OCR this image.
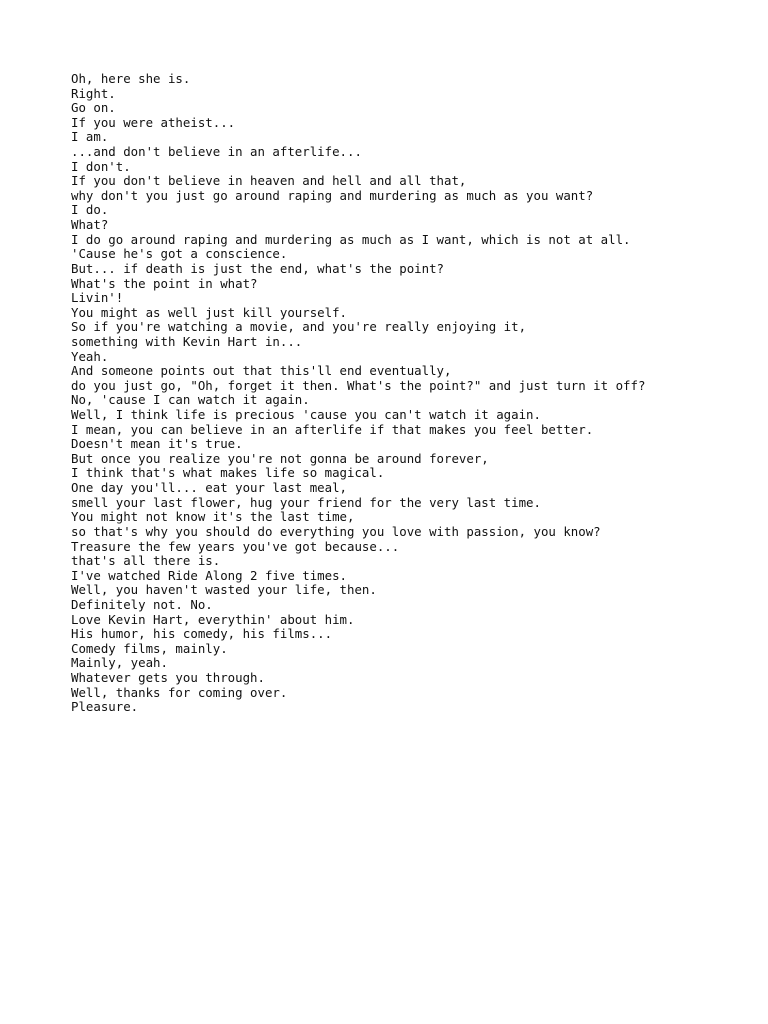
Oh, here she is.
Right.
Go on.
If you were atheist...
I am.
...and don't believe in an afterlife...
I don't.
If you don't believe in heaven and hell and all that,
why don't you just go around raping and murdering as much as you want?
I do.
What?
I do go around raping and murdering as much as I want, which is not at all.
'Cause he's got a conscience.
But... if death is just the end, what's the point?
What's the point in what?
Livin'!
You might as well just kill yourself.
So if you're watching a movie, and you're really enjoying it,
something with Kevin Hart in...
Yeah.
And someone points out that this'll end eventually,
do you just go, "Oh, forget it then. What's the point?" and just turn it off?
No, 'cause I can watch it again.
Well, I think life is precious 'cause you can't watch it again.
I mean, you can believe in an afterlife if that makes you feel better.
Doesn't mean it's true.
But once you realize you're not gonna be around forever,
I think that's what makes life so magical.
One day you'll... eat your last meal,
smell your last flower, hug your friend for the very last time.
You might not know it's the last time,
so that's why you should do everything you love with passion, you know?
Treasure the few years you've got because...
that's all there is.
I've watched Ride Along 2 five times.
Well, you haven't wasted your life, then.
Definitely not. No.
Love Kevin Hart, everythin' about him.
His humor, his comedy, his films...
Comedy films, mainly.
Mainly, yeah.
Whatever gets you through.
Well, thanks for coming over.
Pleasure.
